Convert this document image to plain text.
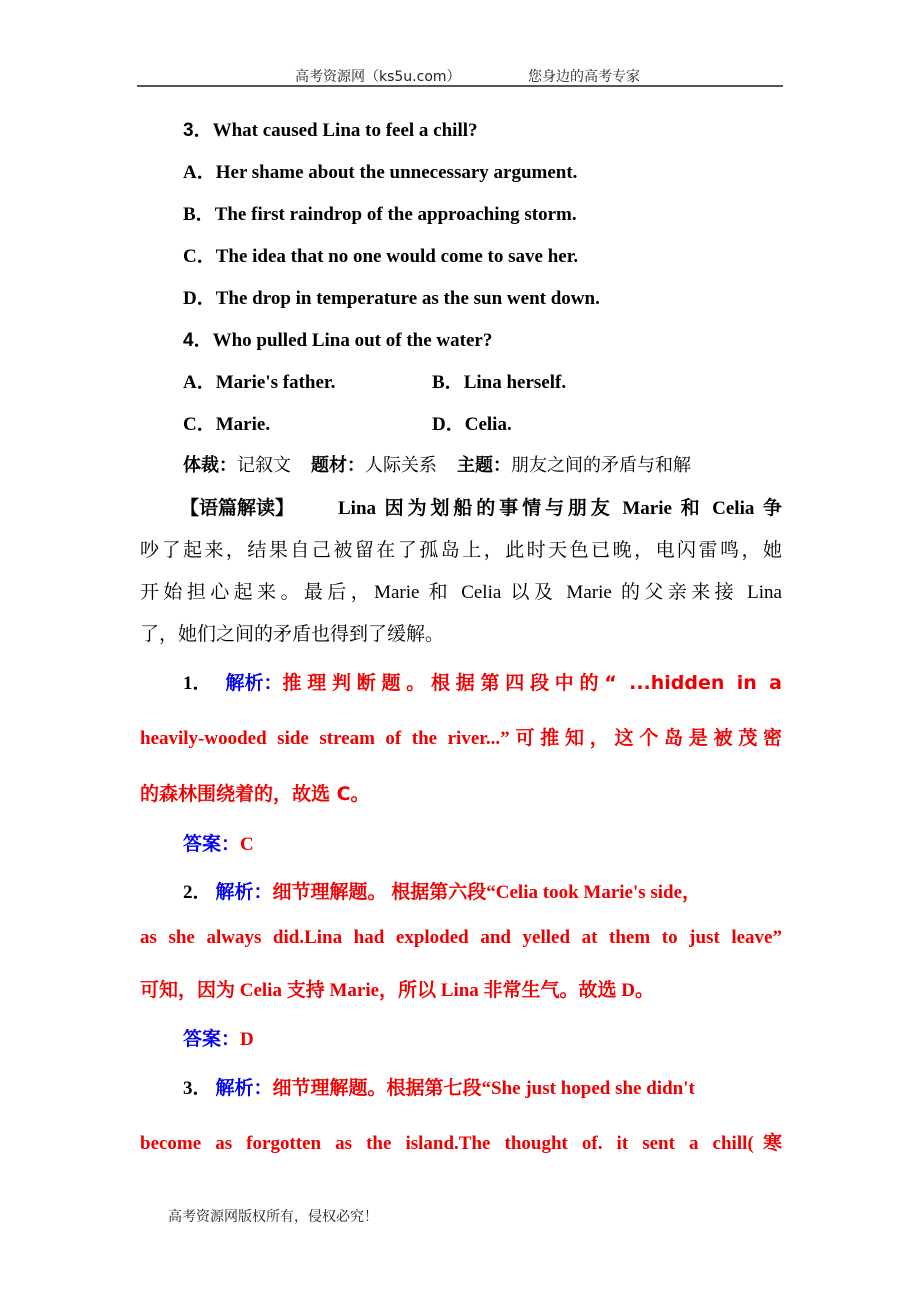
高考资源网（ks5u.com）	您身边的高考专家
3．What caused Lina to feel a chill?
A．Her shame about the unnecessary argument.
B．The first raindrop of the approaching storm.
C．The idea that no one would come to save her.
D．The drop in temperature as the sun went down.
4．Who pulled Lina out of the water?
A．Marie's father.	B．Lina herself.
C．Marie.	D．Celia.
体裁：记叙文 题材：人际关系 主题：朋友之间的矛盾与和解
【语篇解读】 Lina 因为划船的事情与朋友 Marie 和 Celia 争
吵了起来，结果自己被留在了孤岛上，此时天色已晚，电闪雷鸣，她
开始担心起来。最后，Marie 和 Celia 以及 Marie 的父亲来接 Lina
了，她们之间的矛盾也得到了缓解。
1． 解析： 推理判断题。根据第四段中的“ ...hidden in a
heavily-wooded side stream of the river...”可推知，这个岛是被茂密
的森林围绕着的，故选 C。
答案：C
2． 解析： 细节理解题。 根据第六段“Celia took Marie's side，
as she always did.Lina had exploded and yelled at them to just leave”
可知，因为 Celia 支持 Marie，所以 Lina 非常生气。故选 D。
答案：D
3． 解析： 细节理解题。根据第七段“She just hoped she didn't
become as forgotten as the island.The thought of. it sent a chill(寒
高考资源网版权所有，侵权必究！
